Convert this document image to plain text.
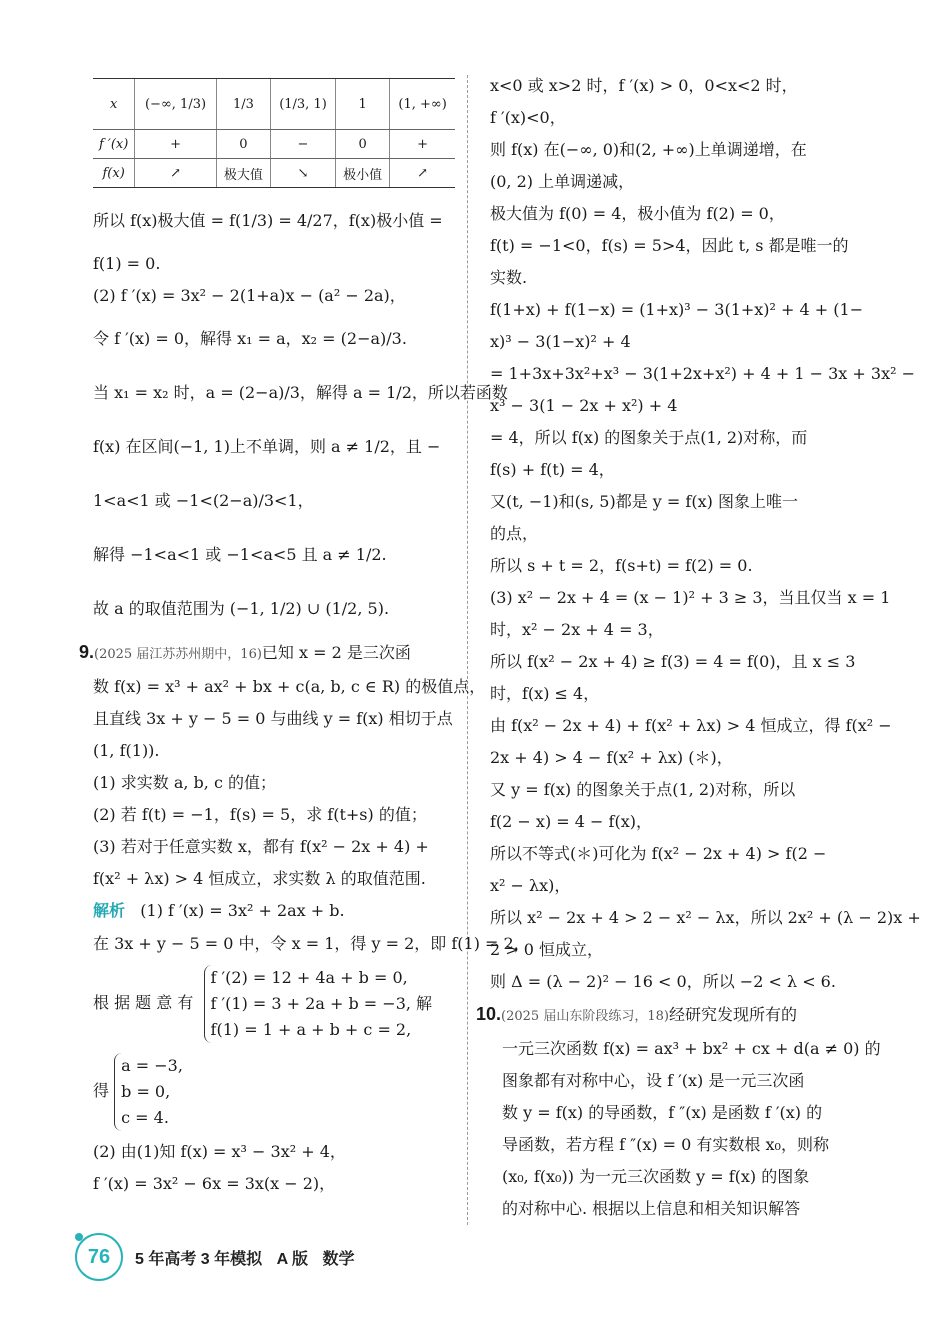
x	(−∞, 1/3)	1/3	(1/3, 1)	1	(1, +∞)
f ′(x)	+	0	−	0	+
f(x)	↗	极大值	↘	极小值	↗
所以 f(x)极大值 = f(1/3) = 4/27，f(x)极小值 =
f(1) = 0.
(2) f ′(x) = 3x² − 2(1+a)x − (a² − 2a)，
令 f ′(x) = 0，解得 x₁ = a，x₂ = (2−a)/3.
当 x₁ = x₂ 时，a = (2−a)/3，解得 a = 1/2，所以若函数
f(x) 在区间(−1, 1)上不单调，则 a ≠ 1/2，且 −
1<a<1 或 −1<(2−a)/3<1，
解得 −1<a<1 或 −1<a<5 且 a ≠ 1/2.
故 a 的取值范围为 (−1, 1/2) ∪ (1/2, 5).
9.(2025 届江苏苏州期中，16)已知 x = 2 是三次函
数 f(x) = x³ + ax² + bx + c(a, b, c ∈ R) 的极值点，
且直线 3x + y − 5 = 0 与曲线 y = f(x) 相切于点
(1, f(1)).
(1) 求实数 a, b, c 的值；
(2) 若 f(t) = −1，f(s) = 5，求 f(t+s) 的值；
(3) 若对于任意实数 x，都有 f(x² − 2x + 4) +
f(x² + λx) > 4 恒成立，求实数 λ 的取值范围.
解析 (1) f ′(x) = 3x² + 2ax + b.
在 3x + y − 5 = 0 中，令 x = 1，得 y = 2，即 f(1) = 2，
根 据 题 意 有
f ′(2) = 12 + 4a + b = 0,
f ′(1) = 3 + 2a + b = −3, 解
f(1) = 1 + a + b + c = 2,
得
a = −3,
b = 0,
c = 4.
(2) 由(1)知 f(x) = x³ − 3x² + 4，
f ′(x) = 3x² − 6x = 3x(x − 2)，
x<0 或 x>2 时，f ′(x) > 0，0<x<2 时，
f ′(x)<0，
则 f(x) 在(−∞, 0)和(2, +∞)上单调递增，在
(0, 2) 上单调递减，
极大值为 f(0) = 4，极小值为 f(2) = 0，
f(t) = −1<0，f(s) = 5>4，因此 t, s 都是唯一的
实数.
f(1+x) + f(1−x) = (1+x)³ − 3(1+x)² + 4 + (1−
x)³ − 3(1−x)² + 4
= 1+3x+3x²+x³ − 3(1+2x+x²) + 4 + 1 − 3x + 3x² −
x³ − 3(1 − 2x + x²) + 4
= 4，所以 f(x) 的图象关于点(1, 2)对称，而
f(s) + f(t) = 4，
又(t, −1)和(s, 5)都是 y = f(x) 图象上唯一
的点，
所以 s + t = 2，f(s+t) = f(2) = 0.
(3) x² − 2x + 4 = (x − 1)² + 3 ≥ 3，当且仅当 x = 1
时，x² − 2x + 4 = 3，
所以 f(x² − 2x + 4) ≥ f(3) = 4 = f(0)，且 x ≤ 3
时，f(x) ≤ 4，
由 f(x² − 2x + 4) + f(x² + λx) > 4 恒成立，得 f(x² −
2x + 4) > 4 − f(x² + λx) (＊)，
又 y = f(x) 的图象关于点(1, 2)对称，所以
f(2 − x) = 4 − f(x)，
所以不等式(＊)可化为 f(x² − 2x + 4) > f(2 −
x² − λx)，
所以 x² − 2x + 4 > 2 − x² − λx，所以 2x² + (λ − 2)x +
2 > 0 恒成立，
则 Δ = (λ − 2)² − 16 < 0，所以 −2 < λ < 6.
10.(2025 届山东阶段练习，18)经研究发现所有的
一元三次函数 f(x) = ax³ + bx² + cx + d(a ≠ 0) 的
图象都有对称中心，设 f ′(x) 是一元三次函
数 y = f(x) 的导函数，f ″(x) 是函数 f ′(x) 的
导函数，若方程 f ″(x) = 0 有实数根 x₀，则称
(x₀, f(x₀)) 为一元三次函数 y = f(x) 的图象
的对称中心. 根据以上信息和相关知识解答
76 5 年高考 3 年模拟 A 版 数学
